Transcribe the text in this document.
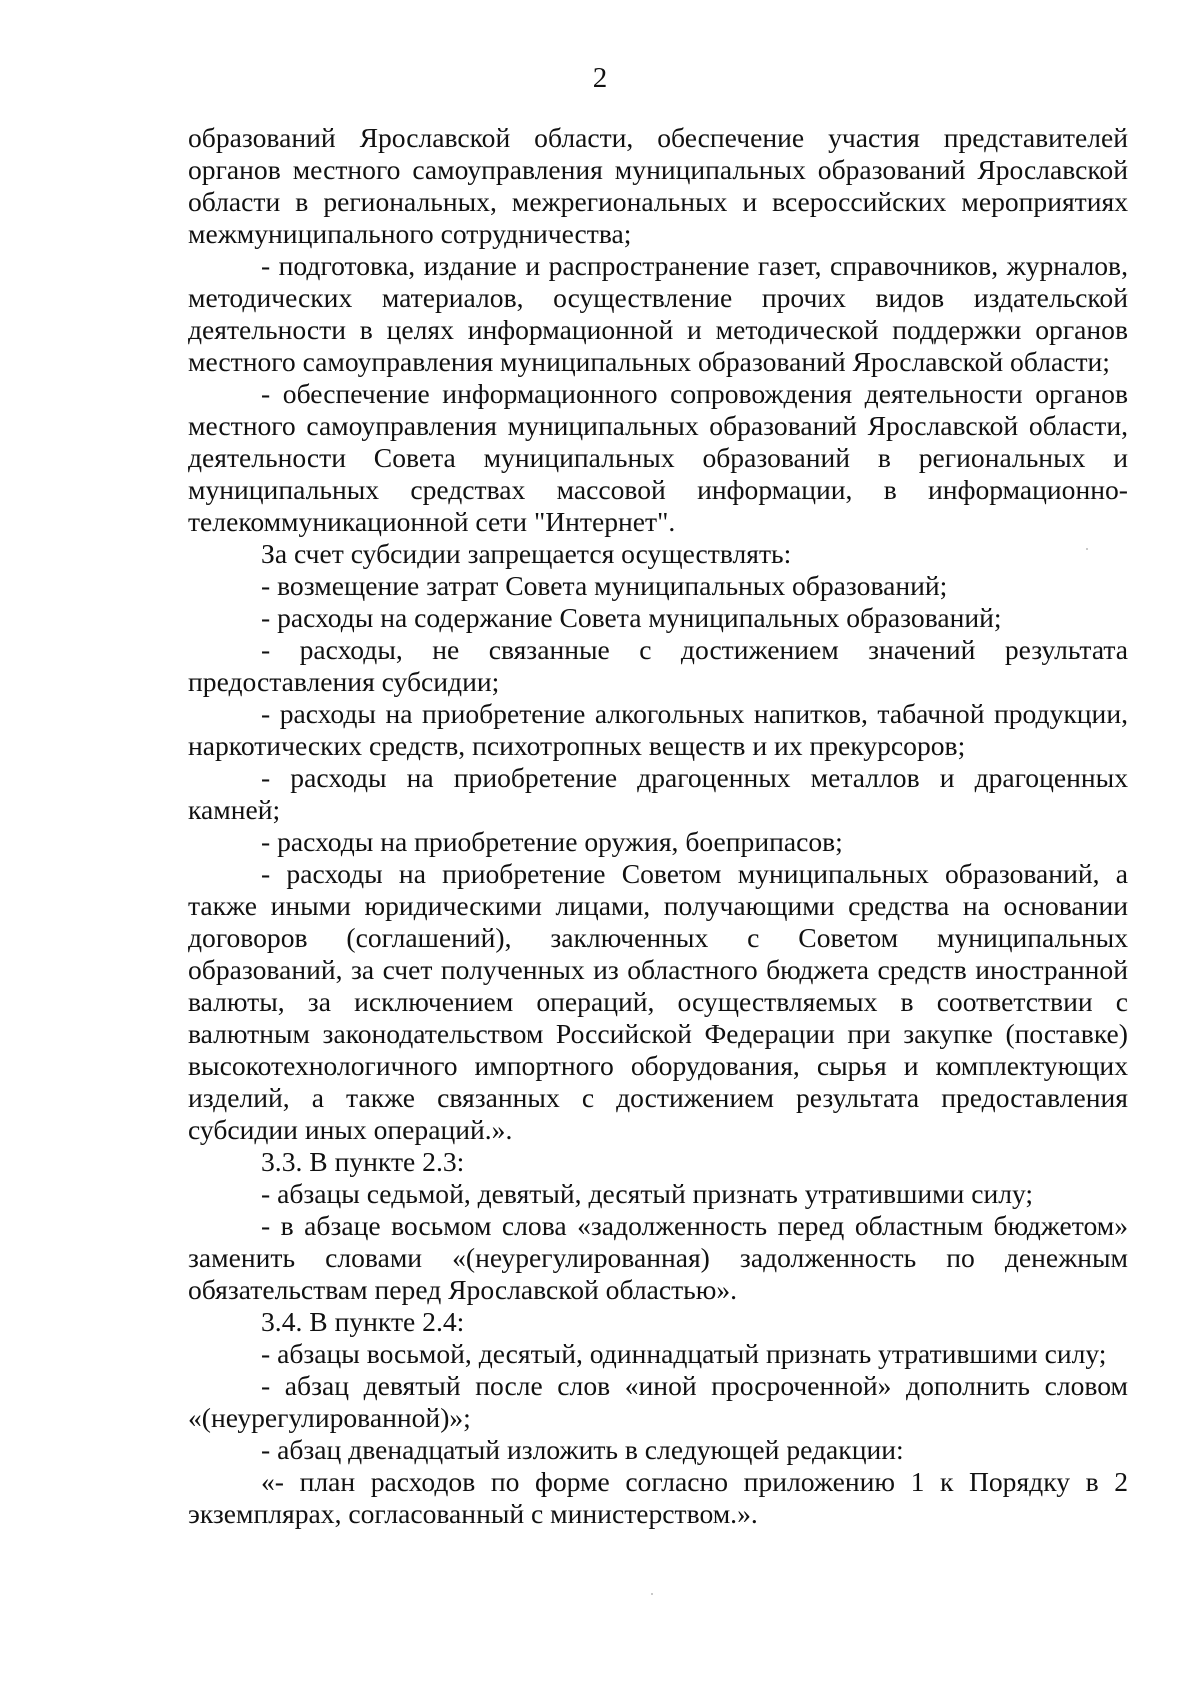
2

образований Ярославской области, обеспечение участия представителей органов местного самоуправления муниципальных образований Ярославской области в региональных, межрегиональных и всероссийских мероприятиях межмуниципального сотрудничества;

- подготовка, издание и распространение газет, справочников, журналов, методических материалов, осуществление прочих видов издательской деятельности в целях информационной и методической поддержки органов местного самоуправления муниципальных образований Ярославской области;

- обеспечение информационного сопровождения деятельности органов местного самоуправления муниципальных образований Ярославской области, деятельности Совета муниципальных образований в региональных и муниципальных средствах массовой информации, в информационно-телекоммуникационной сети "Интернет".

За счет субсидии запрещается осуществлять:

- возмещение затрат Совета муниципальных образований;

- расходы на содержание Совета муниципальных образований;

- расходы, не связанные с достижением значений результата предоставления субсидии;

- расходы на приобретение алкогольных напитков, табачной продукции, наркотических средств, психотропных веществ и их прекурсоров;

- расходы на приобретение драгоценных металлов и драгоценных камней;

- расходы на приобретение оружия, боеприпасов;

- расходы на приобретение Советом муниципальных образований, а также иными юридическими лицами, получающими средства на основании договоров (соглашений), заключенных с Советом муниципальных образований, за счет полученных из областного бюджета средств иностранной валюты, за исключением операций, осуществляемых в соответствии с валютным законодательством Российской Федерации при закупке (поставке) высокотехнологичного импортного оборудования, сырья и комплектующих изделий, а также связанных с достижением результата предоставления субсидии иных операций.».

3.3. В пункте 2.3:

- абзацы седьмой, девятый, десятый признать утратившими силу;

- в абзаце восьмом слова «задолженность перед областным бюджетом» заменить словами «(неурегулированная) задолженность по денежным обязательствам перед Ярославской областью».

3.4. В пункте 2.4:

- абзацы восьмой, десятый, одиннадцатый признать утратившими силу;

- абзац девятый после слов «иной просроченной» дополнить словом «(неурегулированной)»;

- абзац двенадцатый изложить в следующей редакции:

«- план расходов по форме согласно приложению 1 к Порядку в 2 экземплярах, согласованный с министерством.».
